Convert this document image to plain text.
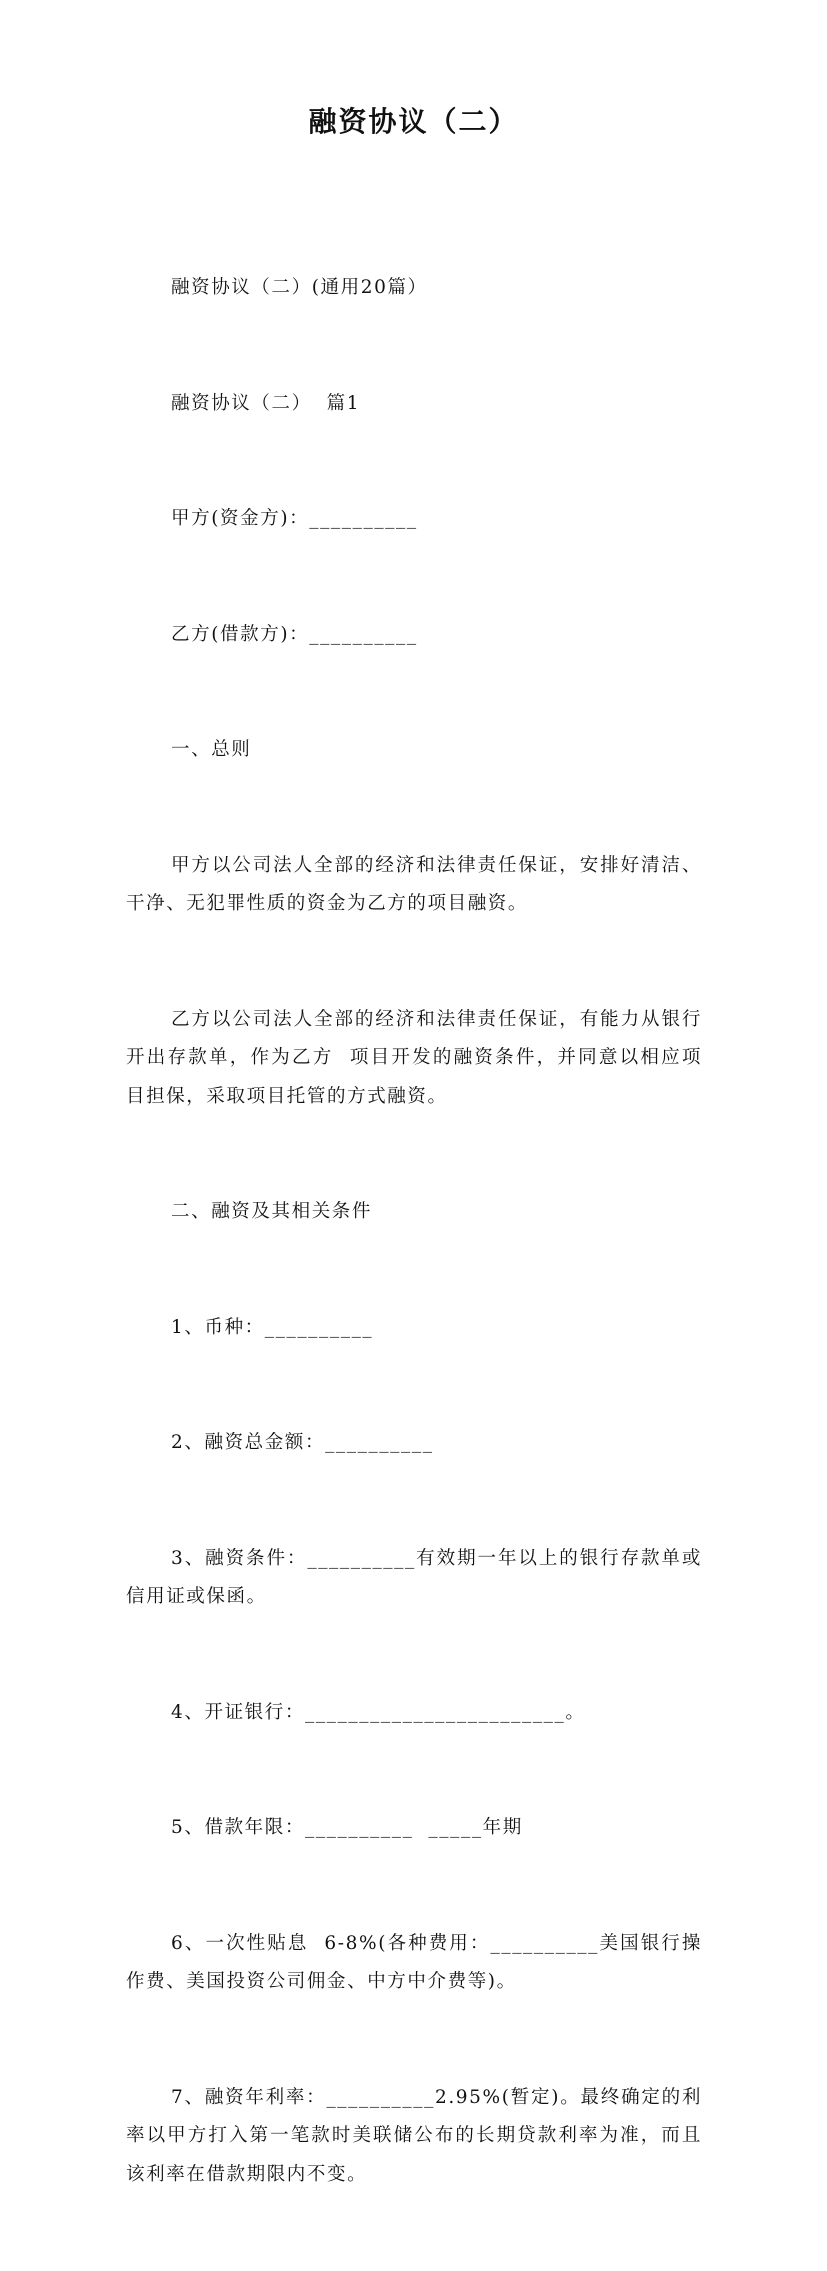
融资协议（二）

融资协议（二）(通用20篇）

融资协议（二）  篇1

甲方(资金方)：__________

乙方(借款方)：__________

一、总则

甲方以公司法人全部的经济和法律责任保证，安排好清洁、干净、无犯罪性质的资金为乙方的项目融资。

乙方以公司法人全部的经济和法律责任保证，有能力从银行开出存款单，作为乙方  项目开发的融资条件，并同意以相应项目担保，采取项目托管的方式融资。

二、融资及其相关条件

1、币种：__________

2、融资总金额：__________

3、融资条件：__________有效期一年以上的银行存款单或信用证或保函。

4、开证银行：________________________。

5、借款年限：__________  _____年期

6、一次性贴息  6-8%(各种费用：__________美国银行操作费、美国投资公司佣金、中方中介费等)。

7、融资年利率：__________2.95%(暂定)。最终确定的利率以甲方打入第一笔款时美联储公布的长期贷款利率为准，而且该利率在借款期限内不变。
